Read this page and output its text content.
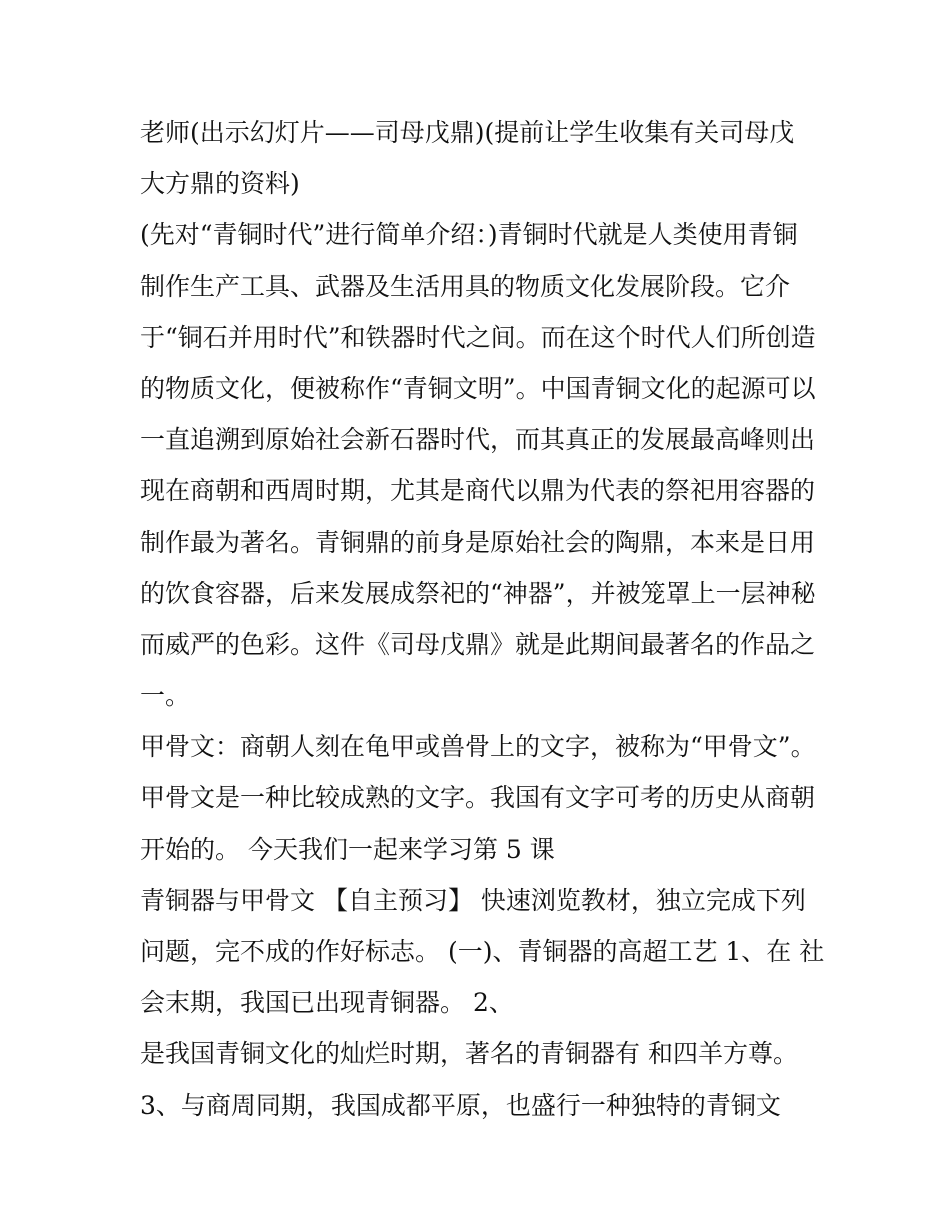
老师(出示幻灯片——司母戊鼎)(提前让学生收集有关司母戊
大方鼎的资料)
(先对“青铜时代”进行简单介绍：)青铜时代就是人类使用青铜
制作生产工具、武器及生活用具的物质文化发展阶段。它介
于“铜石并用时代”和铁器时代之间。而在这个时代人们所创造
的物质文化，便被称作“青铜文明”。中国青铜文化的起源可以
一直追溯到原始社会新石器时代，而其真正的发展最高峰则出
现在商朝和西周时期，尤其是商代以鼎为代表的祭祀用容器的
制作最为著名。青铜鼎的前身是原始社会的陶鼎，本来是日用
的饮食容器，后来发展成祭祀的“神器”，并被笼罩上一层神秘
而威严的色彩。这件《司母戊鼎》就是此期间最著名的作品之
一。
甲骨文：商朝人刻在龟甲或兽骨上的文字，被称为“甲骨文”。
甲骨文是一种比较成熟的文字。我国有文字可考的历史从商朝
开始的。 今天我们一起来学习第 5 课
青铜器与甲骨文 【自主预习】 快速浏览教材，独立完成下列
问题，完不成的作好标志。 (一)、青铜器的高超工艺 1、在 社
会末期，我国已出现青铜器。 2、
是我国青铜文化的灿烂时期，著名的青铜器有 和四羊方尊。
3、与商周同期，我国成都平原，也盛行一种独特的青铜文
